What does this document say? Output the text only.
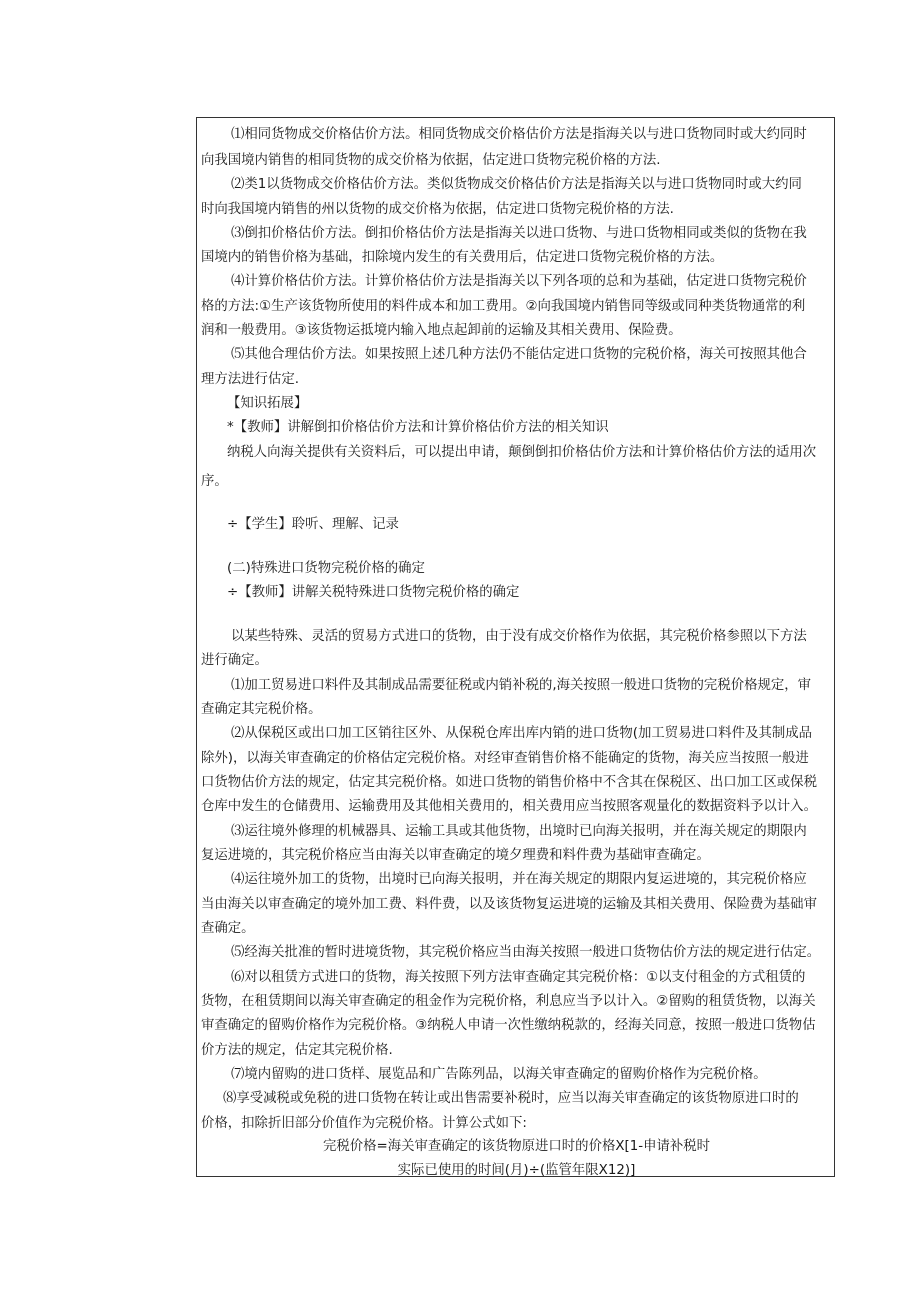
⑴相同货物成交价格估价方法。相同货物成交价格估价方法是指海关以与进口货物同时或大约同时
向我国境内销售的相同货物的成交价格为依据，估定进口货物完税价格的方法.
⑵类1以货物成交价格估价方法。类似货物成交价格估价方法是指海关以与进口货物同时或大约同
时向我国境内销售的州以货物的成交价格为依据，估定进口货物完税价格的方法.
⑶倒扣价格估价方法。倒扣价格估价方法是指海关以进口货物、与进口货物相同或类似的货物在我
国境内的销售价格为基础，扣除境内发生的有关费用后，估定进口货物完税价格的方法。
⑷计算价格估价方法。计算价格估价方法是指海关以下列各项的总和为基础，估定进口货物完税价
格的方法:①生产该货物所使用的料件成本和加工费用。②向我国境内销售同等级或同种类货物通常的利
润和一般费用。③该货物运抵境内输入地点起卸前的运输及其相关费用、保险费。
⑸其他合理估价方法。如果按照上述几种方法仍不能估定进口货物的完税价格，海关可按照其他合
理方法进行估定.
【知识拓展】
*【教师】讲解倒扣价格估价方法和计算价格估价方法的相关知识
纳税人向海关提供有关资料后，可以提出申请，颠倒倒扣价格估价方法和计算价格估价方法的适用次
序。
÷【学生】聆听、理解、记录
(二)特殊进口货物完税价格的确定
÷【教师】讲解关税特殊进口货物完税价格的确定
以某些特殊、灵活的贸易方式进口的货物，由于没有成交价格作为依据，其完税价格参照以下方法
进行确定。
⑴加工贸易进口料件及其制成品需要征税或内销补税的,海关按照一般进口货物的完税价格规定，审
查确定其完税价格。
⑵从保税区或出口加工区销往区外、从保税仓库出库内销的进口货物(加工贸易进口料件及其制成品
除外)，以海关审查确定的价格估定完税价格。对经审查销售价格不能确定的货物，海关应当按照一般进
口货物估价方法的规定，估定其完税价格。如进口货物的销售价格中不含其在保税区、出口加工区或保税
仓库中发生的仓储费用、运输费用及其他相关费用的，相关费用应当按照客观量化的数据资料予以计入。
⑶运往境外修理的机械器具、运输工具或其他货物，出境时已向海关报明，并在海关规定的期限内
复运进境的，其完税价格应当由海关以审查确定的境夕理费和料件费为基础审查确定。
⑷运往境外加工的货物，出境时已向海关报明，并在海关规定的期限内复运进境的，其完税价格应
当由海关以审查确定的境外加工费、料件费，以及该货物复运进境的运输及其相关费用、保险费为基础审
查确定。
⑸经海关批准的暂时进境货物，其完税价格应当由海关按照一般进口货物估价方法的规定进行估定。
⑹对以租赁方式进口的货物，海关按照下列方法审查确定其完税价格：①以支付租金的方式租赁的
货物，在租赁期间以海关审查确定的租金作为完税价格，利息应当予以计入。②留购的租赁货物，以海关
审查确定的留购价格作为完税价格。③纳税人申请一次性缴纳税款的，经海关同意，按照一般进口货物估
价方法的规定，估定其完税价格.
⑺境内留购的进口货样、展览品和广告陈列品，以海关审查确定的留购价格作为完税价格。
⑻享受减税或免税的进口货物在转让或出售需要补税时，应当以海关审查确定的该货物原进口时的
价格，扣除折旧部分价值作为完税价格。计算公式如下:
完税价格=海关审查确定的该货物原进口时的价格X[1-申请补税时
实际已使用的时间(月)÷(监管年限X12)]
